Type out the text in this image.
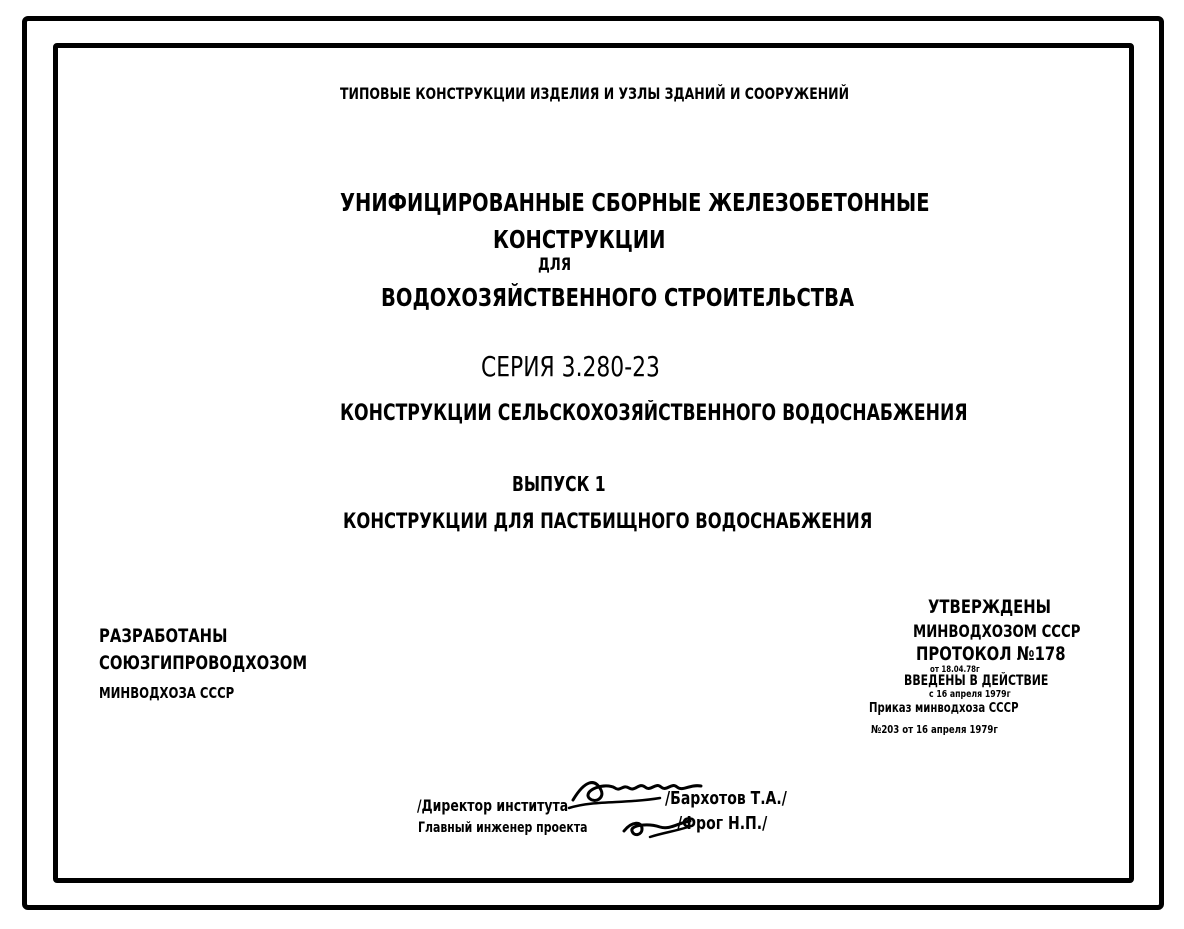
ТИПОВЫЕ КОНСТРУКЦИИ ИЗДЕЛИЯ И УЗЛЫ ЗДАНИЙ И СООРУЖЕНИЙ
УНИФИЦИРОВАННЫЕ СБОРНЫЕ ЖЕЛЕЗОБЕТОННЫЕ
КОНСТРУКЦИИ
ДЛЯ
ВОДОХОЗЯЙСТВЕННОГО СТРОИТЕЛЬСТВА
СЕРИЯ 3.280-23
КОНСТРУКЦИИ СЕЛЬСКОХОЗЯЙСТВЕННОГО ВОДОСНАБЖЕНИЯ
ВЫПУСК 1
КОНСТРУКЦИИ ДЛЯ ПАСТБИЩНОГО ВОДОСНАБЖЕНИЯ
РАЗРАБОТАНЫ
СОЮЗГИПРОВОДХОЗОМ
МИНВОДХОЗА СССР
УТВЕРЖДЕНЫ
МИНВОДХОЗОМ СССР
ПРОТОКОЛ №178
от 18.04.78г
ВВЕДЕНЫ В ДЕЙСТВИЕ
с 16 апреля 1979г
Приказ минводхоза СССР
№203 от 16 апреля 1979г
/Директор института	/Бархотов Т.А./
Главный инженер проекта	/Фрог Н.П./
